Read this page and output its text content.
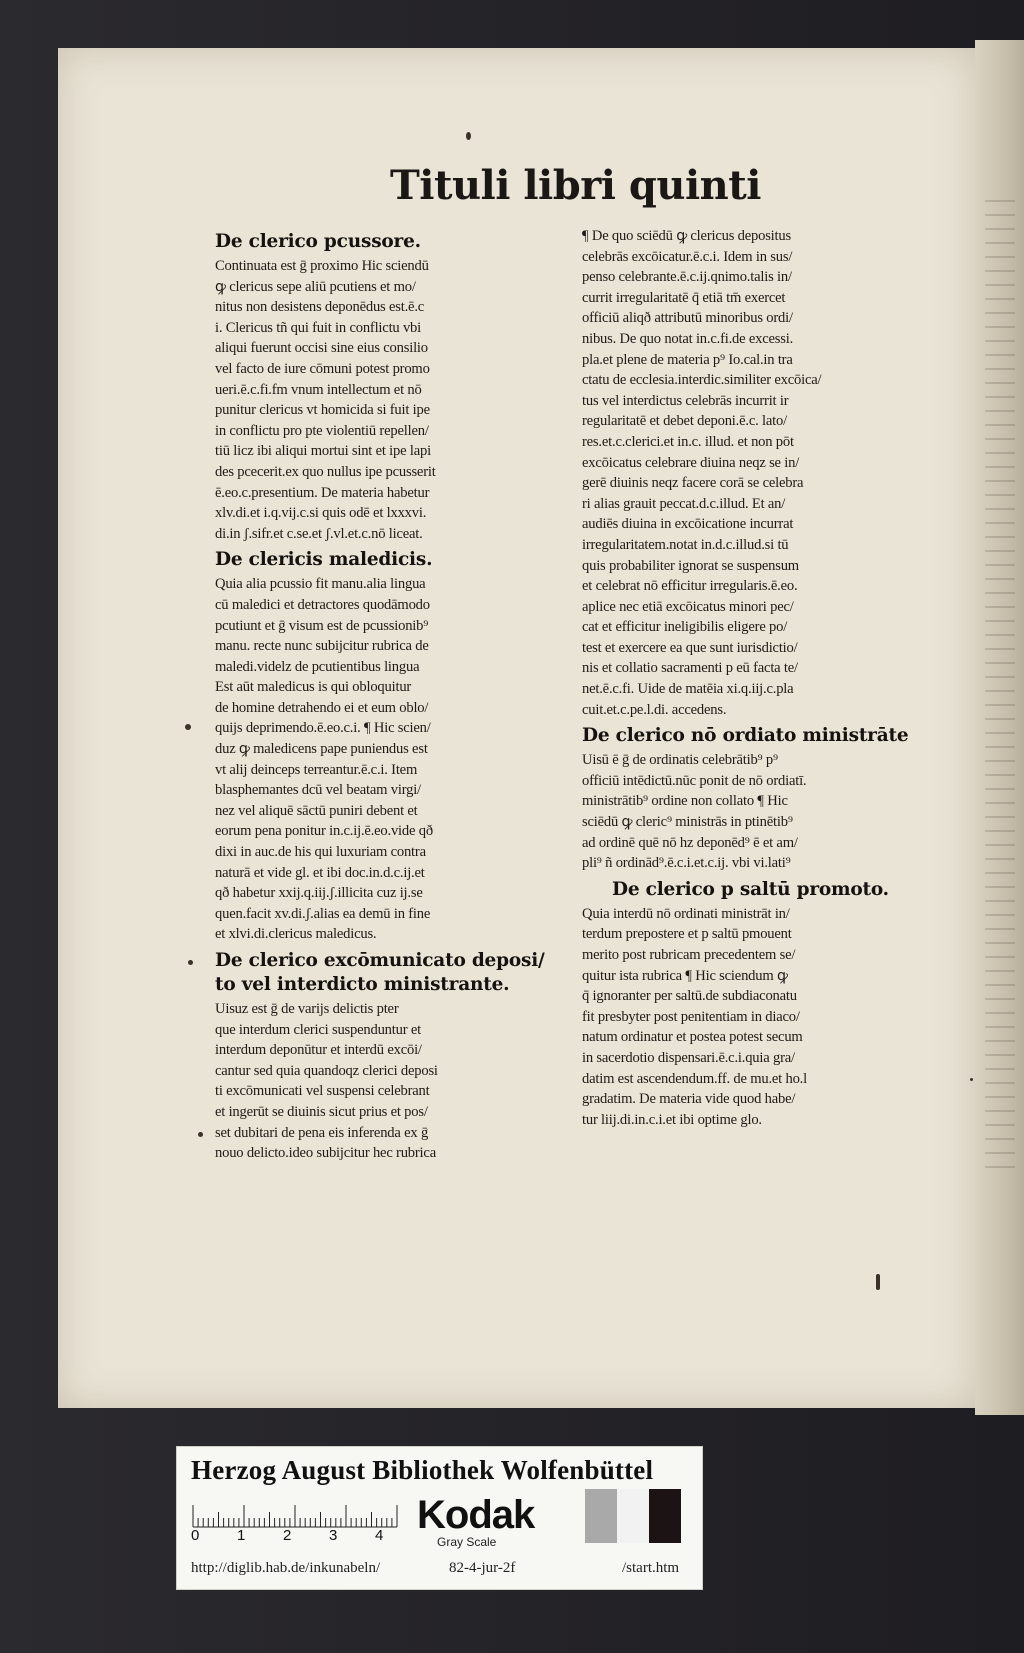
Tituli libri quinti
De clerico pcussore.
Continuata est ḡ proximo Hic sciendū
ꝙ clericus sepe aliū pcutiens et mo/
nitus non desistens deponēdus est.ē.c
i. Clericus tñ qui fuit in conflictu vbi
aliqui fuerunt occisi sine eius consilio
vel facto de iure cōmuni potest promo
ueri.ē.c.fi.fm vnum intellectum et nō
punitur clericus vt homicida si fuit ipe
in conflictu pro pte violentiū repellen/
tiū licz ibi aliqui mortui sint et ipe lapi
des pcecerit.ex quo nullus ipe pcusserit
ē.eo.c.presentium. De materia habetur
xlv.di.et i.q.vij.c.si quis odē et lxxxvi.
di.in ʃ.sifr.et c.se.et ʃ.vl.et.c.nō liceat.
De clericis maledicis.
Quia alia pcussio fit manu.alia lingua
cū maledici et detractores quodāmodo
pcutiunt et ḡ visum est de pcussionib⁹
manu. recte nunc subijcitur rubrica de
maledi.videlz de pcutientibus lingua
Est aūt maledicus is qui obloquitur
de homine detrahendo ei et eum oblo/
quijs deprimendo.ē.eo.c.i. ¶ Hic scien/
duz ꝙ maledicens pape puniendus est
vt alij deinceps terreantur.ē.c.i. Item
blasphemantes dcū vel beatam virgi/
nez vel aliquē sāctū puniri debent et
eorum pena ponitur in.c.ij.ē.eo.vide qð
dixi in auc.de his qui luxuriam contra
naturā et vide gl. et ibi doc.in.d.c.ij.et
qð habetur xxij.q.iij.ʃ.illicita cuz ij.se
quen.facit xv.di.ʃ.alias ea demū in fine
et xlvi.di.clericus maledicus.
De clerico excōmunicato deposi/ to vel interdicto ministrante.
Uisuz est ḡ de varijs delictis pter
que interdum clerici suspenduntur et
interdum deponūtur et interdū excōi/
cantur sed quia quandoqz clerici deposi
ti excōmunicati vel suspensi celebrant
et ingerūt se diuinis sicut prius et pos/
set dubitari de pena eis inferenda ex ḡ
nouo delicto.ideo subijcitur hec rubrica
¶ De quo sciēdū ꝙ clericus depositus
celebrās excōicatur.ē.c.i. Idem in sus/
penso celebrante.ē.c.ij.qnimo.talis in/
currit irregularitatē q̄ etiā tm̄ exercet
officiū aliqð attributū minoribus ordi/
nibus. De quo notat in.c.fi.de excessi.
pla.et plene de materia p⁹ Io.cal.in tra
ctatu de ecclesia.interdic.similiter excōica/
tus vel interdictus celebrās incurrit ir
regularitatē et debet deponi.ē.c. lato/
res.et.c.clerici.et in.c. illud. et non pōt
excōicatus celebrare diuina neqz se in/
gerē diuinis neqz facere corā se celebra
ri alias grauit peccat.d.c.illud. Et an/
audiēs diuina in excōicatione incurrat
irregularitatem.notat in.d.c.illud.si tū
quis probabiliter ignorat se suspensum
et celebrat nō efficitur irregularis.ē.eo.
aplice nec etiā excōicatus minori pec/
cat et efficitur ineligibilis eligere po/
test et exercere ea que sunt iurisdictio/
nis et collatio sacramenti p eū facta te/
net.ē.c.fi. Uide de matēia xi.q.iij.c.pla
cuit.et.c.pe.l.di. accedens.
De clerico nō ordiato ministrāte
Uisū ē ḡ de ordinatis celebrātib⁹ p⁹
officiū intēdictū.nūc ponit de nō ordiatī.
ministrātib⁹ ordine non collato ¶ Hic
sciēdū ꝙ cleric⁹ ministrās in ptinētib⁹
ad ordinē quē nō hz deponēd⁹ ē et am/
pli⁹ ñ ordinād⁹.ē.c.i.et.c.ij. vbi vi.lati⁹
De clerico p saltū promoto.
Quia interdū nō ordinati ministrāt in/
terdum prepostere et p saltū pmouent
merito post rubricam precedentem se/
quitur ista rubrica ¶ Hic sciendum ꝙ
q̄ ignoranter per saltū.de subdiaconatu
fit presbyter post penitentiam in diaco/
natum ordinatur et postea potest secum
in sacerdotio dispensari.ē.c.i.quia gra/
datim est ascendendum.ff. de mu.et ho.l
gradatim. De materia vide quod habe/
tur liij.di.in.c.i.et ibi optime glo.
Herzog August Bibliothek Wolfenbüttel
0	1	2	3	4 Kodak
Gray Scale
http://diglib.hab.de/inkunabeln/	82-4-jur-2f	/start.htm
